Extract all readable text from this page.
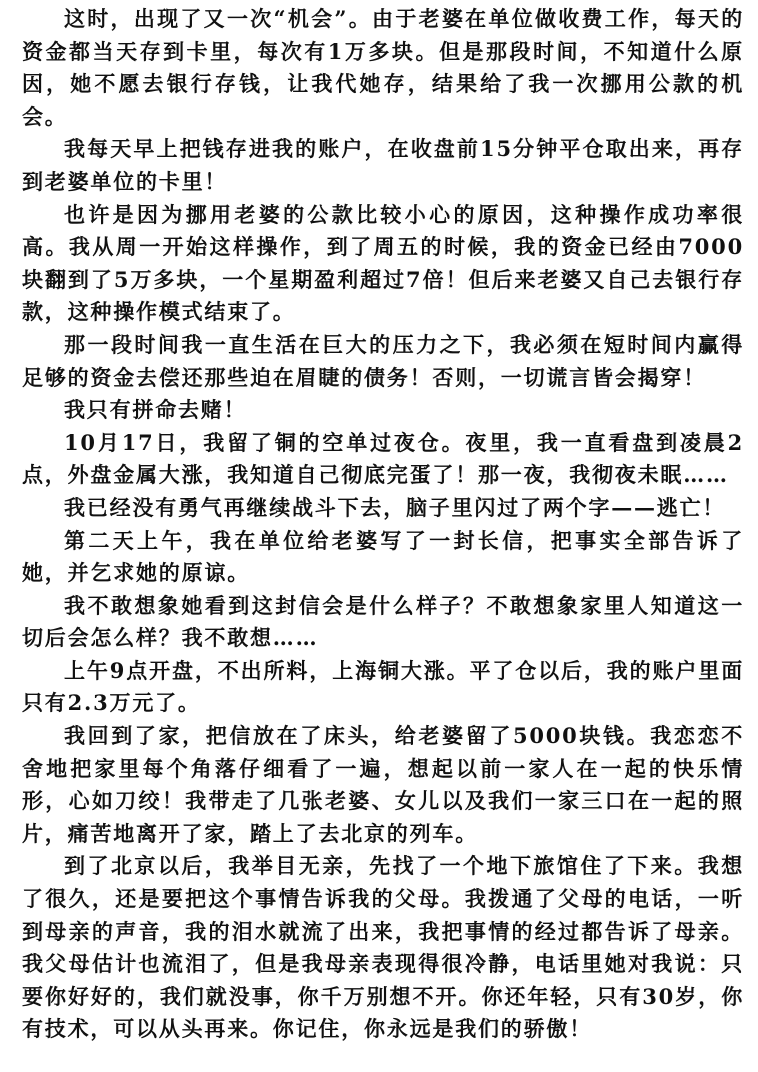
这时，出现了又一次“机会”。由于老婆在单位做收费工作，每天的资金都当天存到卡里，每次有1万多块。但是那段时间，不知道什么原因，她不愿去银行存钱，让我代她存，结果给了我一次挪用公款的机会。

我每天早上把钱存进我的账户，在收盘前15分钟平仓取出来，再存到老婆单位的卡里！

也许是因为挪用老婆的公款比较小心的原因，这种操作成功率很高。我从周一开始这样操作，到了周五的时候，我的资金已经由7000块翻到了5万多块，一个星期盈利超过7倍！但后来老婆又自己去银行存款，这种操作模式结束了。

那一段时间我一直生活在巨大的压力之下，我必须在短时间内赢得足够的资金去偿还那些迫在眉睫的债务！否则，一切谎言皆会揭穿！

我只有拼命去赌！

10月17日，我留了铜的空单过夜仓。夜里，我一直看盘到凌晨2点，外盘金属大涨，我知道自己彻底完蛋了！那一夜，我彻夜未眠……

我已经没有勇气再继续战斗下去，脑子里闪过了两个字——逃亡！

第二天上午，我在单位给老婆写了一封长信，把事实全部告诉了她，并乞求她的原谅。

我不敢想象她看到这封信会是什么样子？不敢想象家里人知道这一切后会怎么样？我不敢想……

上午9点开盘，不出所料，上海铜大涨。平了仓以后，我的账户里面只有2.3万元了。

我回到了家，把信放在了床头，给老婆留了5000块钱。我恋恋不舍地把家里每个角落仔细看了一遍，想起以前一家人在一起的快乐情形，心如刀绞！我带走了几张老婆、女儿以及我们一家三口在一起的照片，痛苦地离开了家，踏上了去北京的列车。

到了北京以后，我举目无亲，先找了一个地下旅馆住了下来。我想了很久，还是要把这个事情告诉我的父母。我拨通了父母的电话，一听到母亲的声音，我的泪水就流了出来，我把事情的经过都告诉了母亲。我父母估计也流泪了，但是我母亲表现得很冷静，电话里她对我说：只要你好好的，我们就没事，你千万别想不开。你还年轻，只有30岁，你有技术，可以从头再来。你记住，你永远是我们的骄傲！
